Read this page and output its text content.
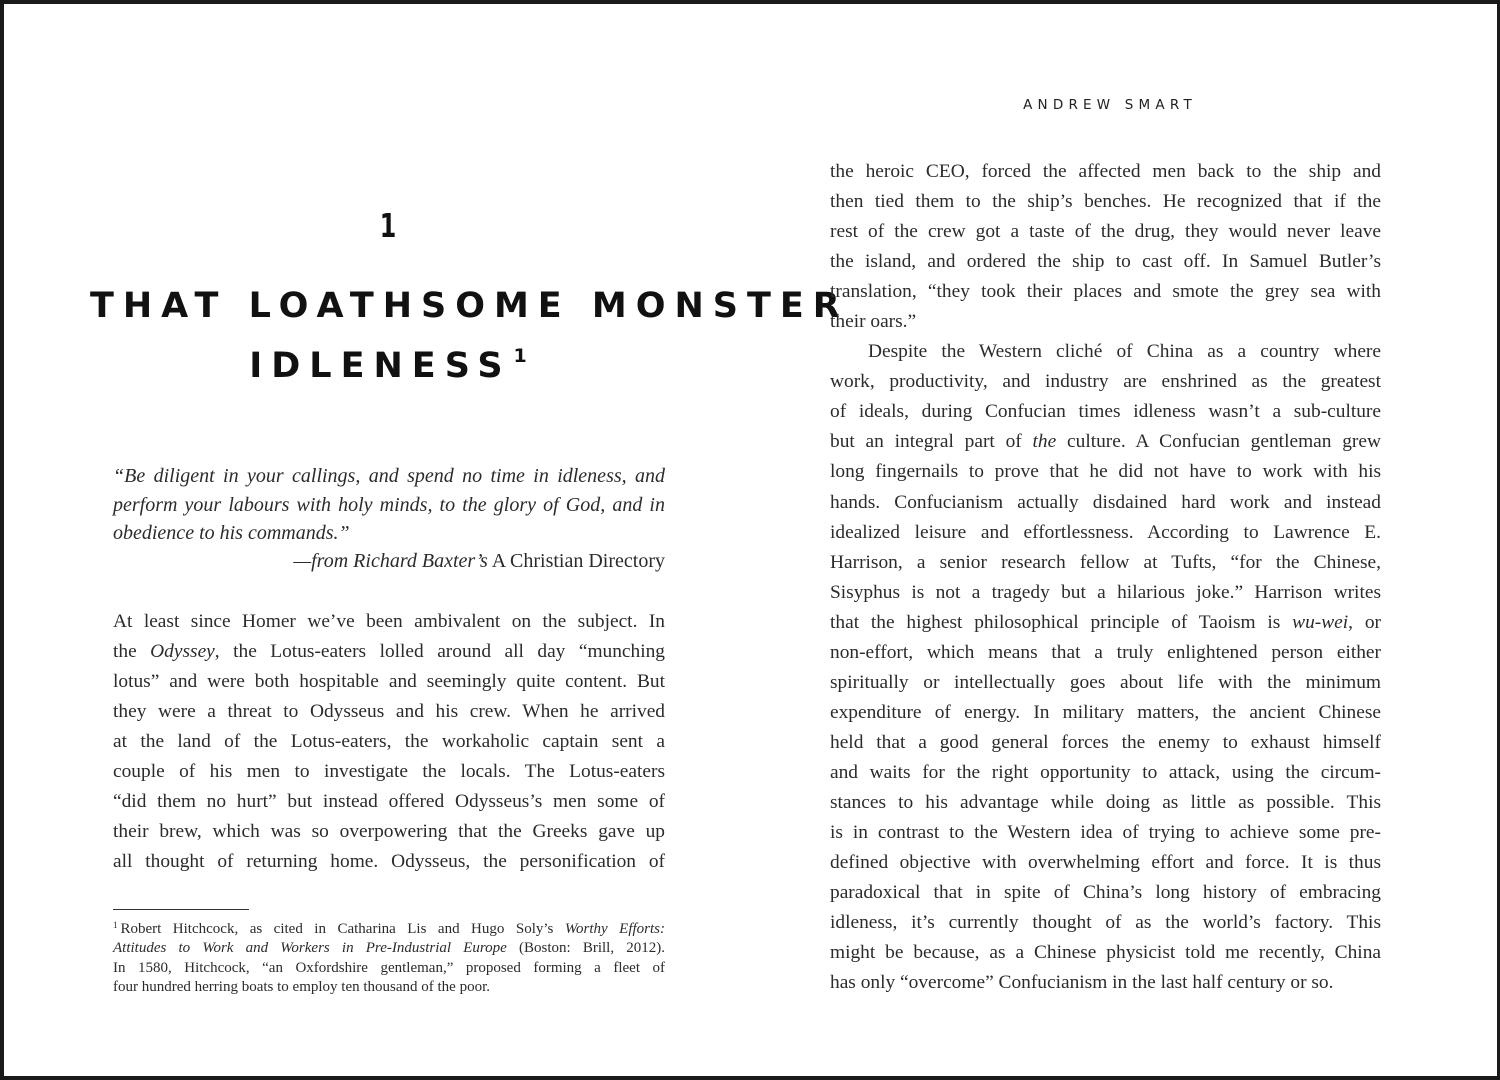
1
THAT LOATHSOME MONSTER
IDLENESS $^1$
“Be diligent in your callings, and spend no time in idleness, and perform your labours with holy minds, to the glory of God, and in obedience to his commands.”
—from Richard Baxter’s A Christian Directory
At least since Homer we’ve been ambivalent on the subject. In
the Odyssey, the Lotus-eaters lolled around all day “munching
lotus” and were both hospitable and seemingly quite content. But
they were a threat to Odysseus and his crew. When he arrived
at the land of the Lotus-eaters, the workaholic captain sent a
couple of his men to investigate the locals. The Lotus-eaters
“did them no hurt” but instead offered Odysseus’s men some of
their brew, which was so overpowering that the Greeks gave up
all thought of returning home. Odysseus, the personification of
$^1$ Robert Hitchcock, as cited in Catharina Lis and Hugo Soly’s Worthy Efforts:
Attitudes to Work and Workers in Pre-Industrial Europe (Boston: Brill, 2012).
In 1580, Hitchcock, “an Oxfordshire gentleman,” proposed forming a fleet of
four hundred herring boats to employ ten thousand of the poor.
ANDREW SMART
the heroic CEO, forced the affected men back to the ship and
then tied them to the ship’s benches. He recognized that if the
rest of the crew got a taste of the drug, they would never leave
the island, and ordered the ship to cast off. In Samuel Butler’s
translation, “they took their places and smote the grey sea with
their oars.”
Despite the Western cliché of China as a country where
work, productivity, and industry are enshrined as the greatest
of ideals, during Confucian times idleness wasn’t a sub-culture
but an integral part of the culture. A Confucian gentleman grew
long fingernails to prove that he did not have to work with his
hands. Confucianism actually disdained hard work and instead
idealized leisure and effortlessness. According to Lawrence E.
Harrison, a senior research fellow at Tufts, “for the Chinese,
Sisyphus is not a tragedy but a hilarious joke.” Harrison writes
that the highest philosophical principle of Taoism is wu-wei, or
non-effort, which means that a truly enlightened person either
spiritually or intellectually goes about life with the minimum
expenditure of energy. In military matters, the ancient Chinese
held that a good general forces the enemy to exhaust himself
and waits for the right opportunity to attack, using the circum-
stances to his advantage while doing as little as possible. This
is in contrast to the Western idea of trying to achieve some pre-
defined objective with overwhelming effort and force. It is thus
paradoxical that in spite of China’s long history of embracing
idleness, it’s currently thought of as the world’s factory. This
might be because, as a Chinese physicist told me recently, China
has only “overcome” Confucianism in the last half century or so.
